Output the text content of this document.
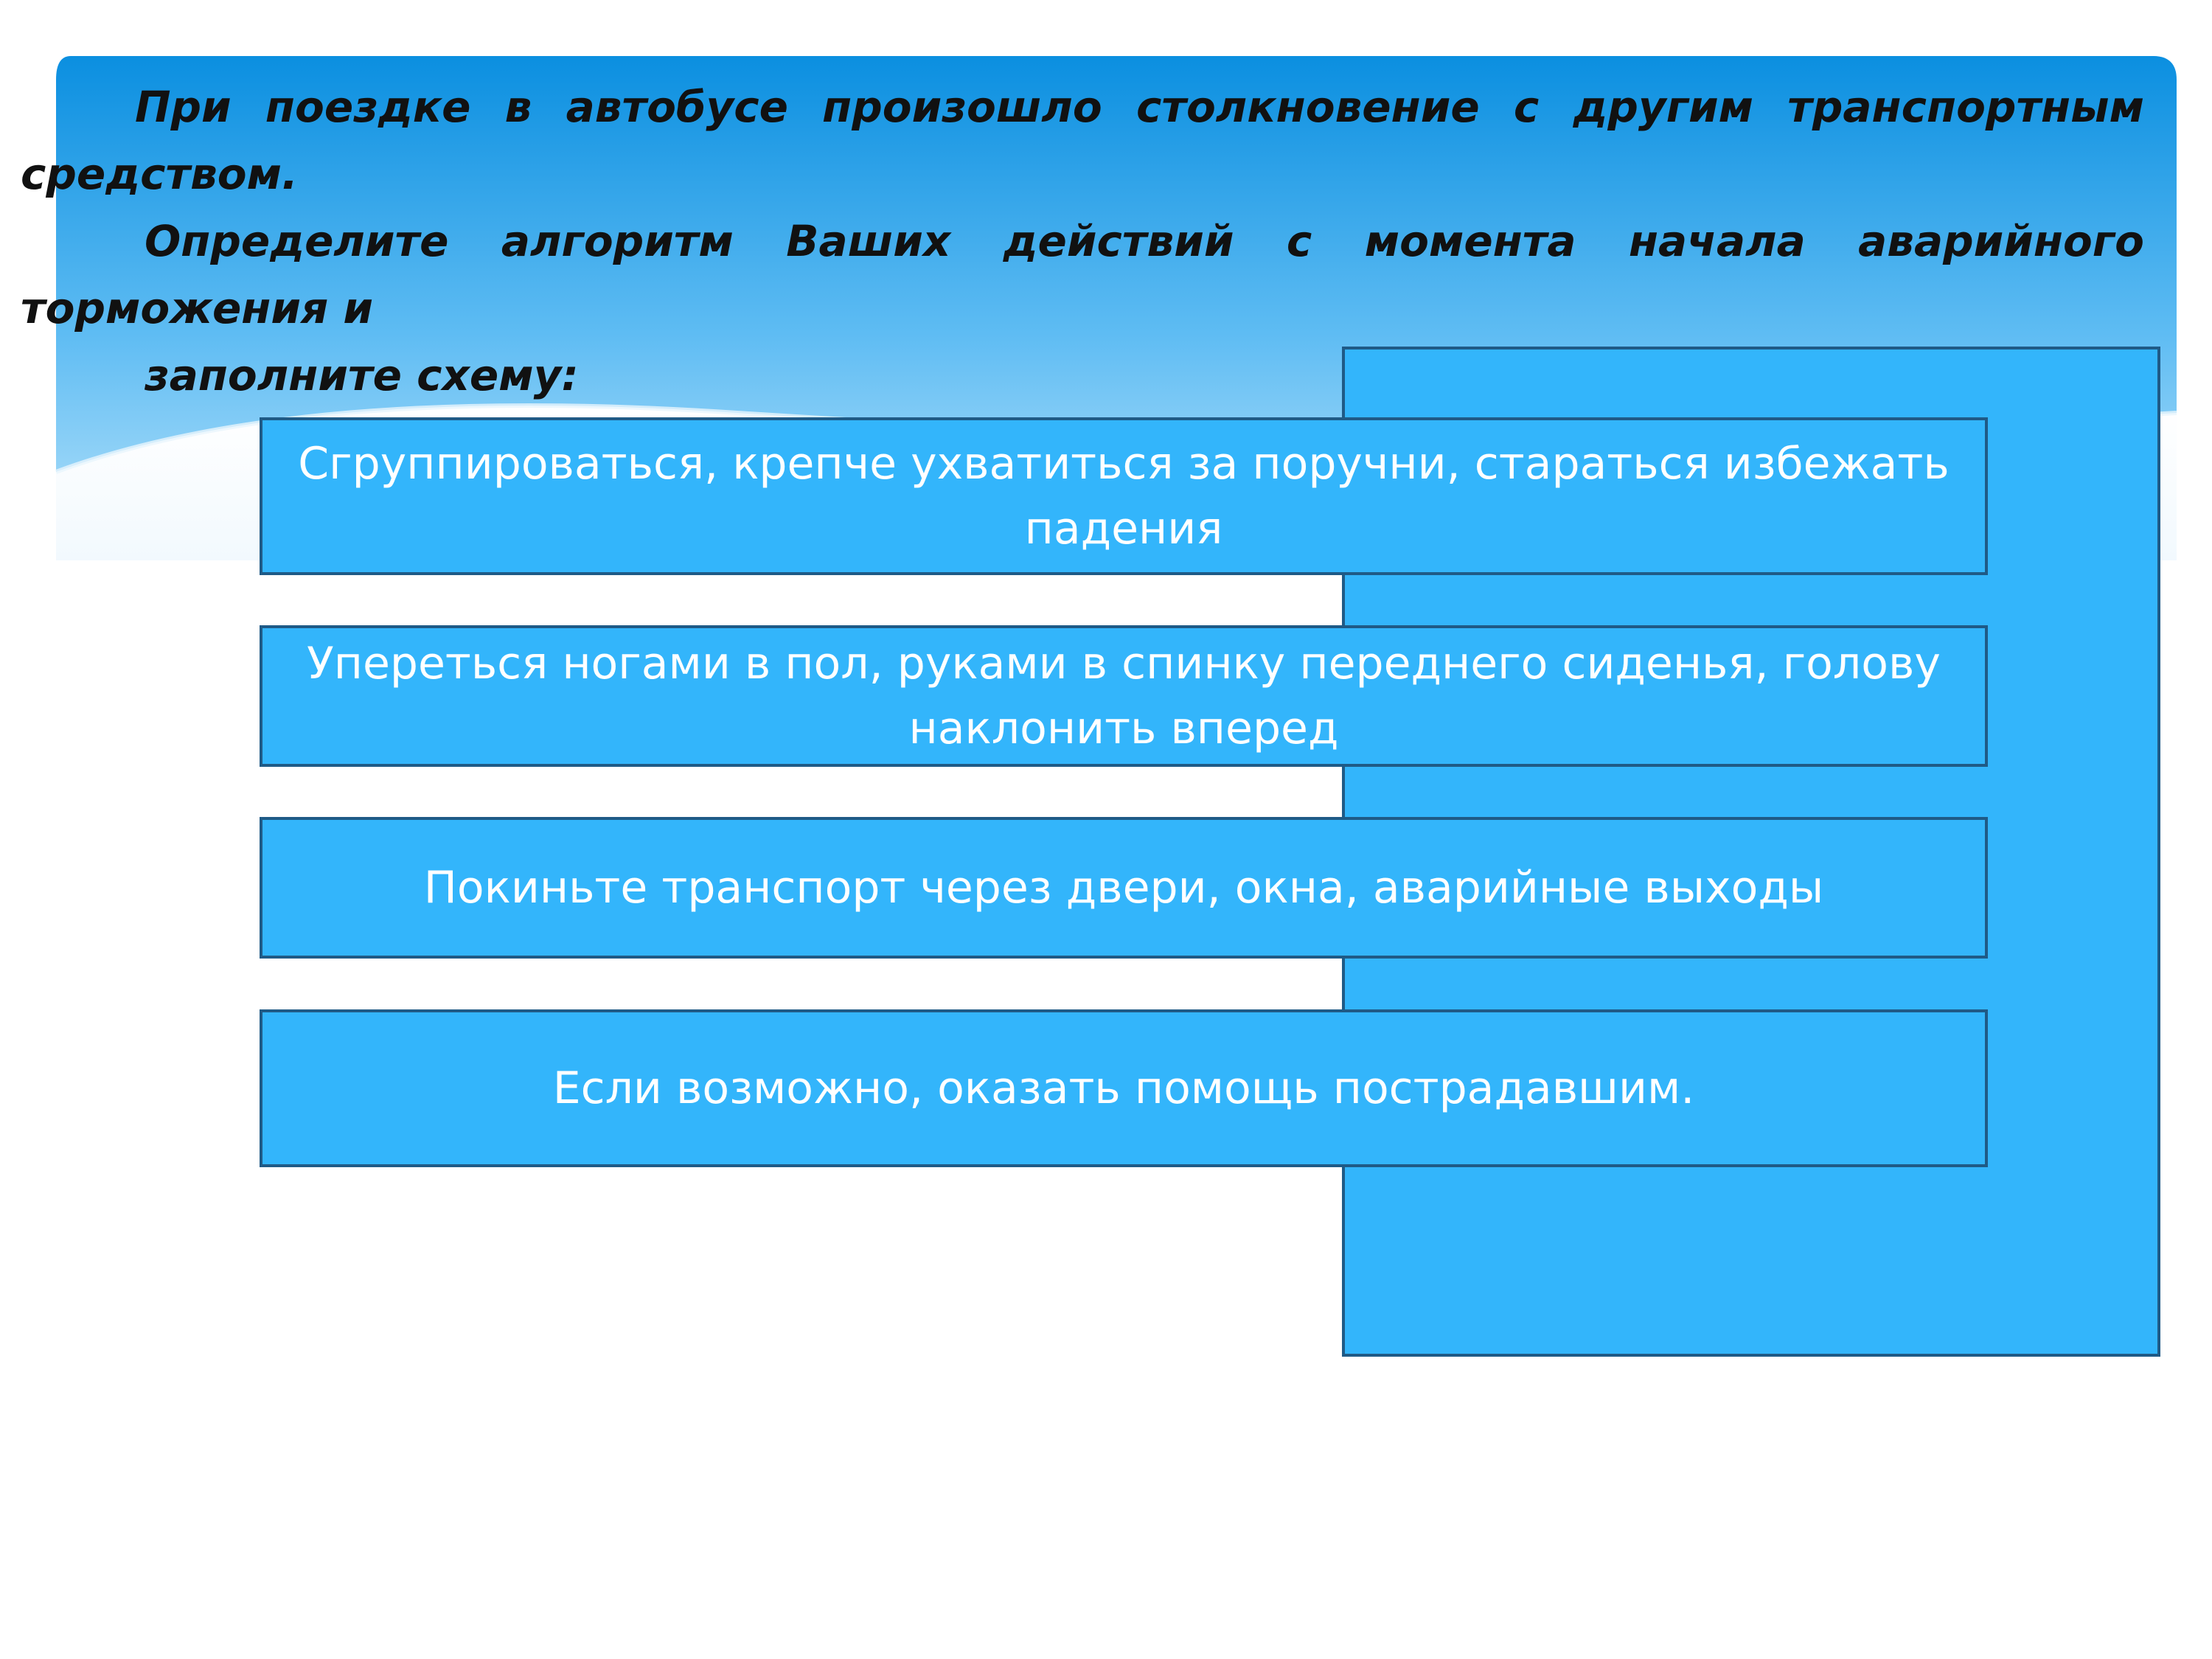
При поездке в автобусе произошло столкновение с другим транспортным средством.

Определите алгоритм Ваших действий с момента начала аварийного торможения и

заполните схему:

Сгруппироваться, крепче ухватиться за поручни, стараться избежать падения
Упереться ногами в пол, руками в спинку переднего сиденья, голову наклонить вперед
Покиньте транспорт через двери, окна, аварийные выходы
Если возможно, оказать помощь пострадавшим.
